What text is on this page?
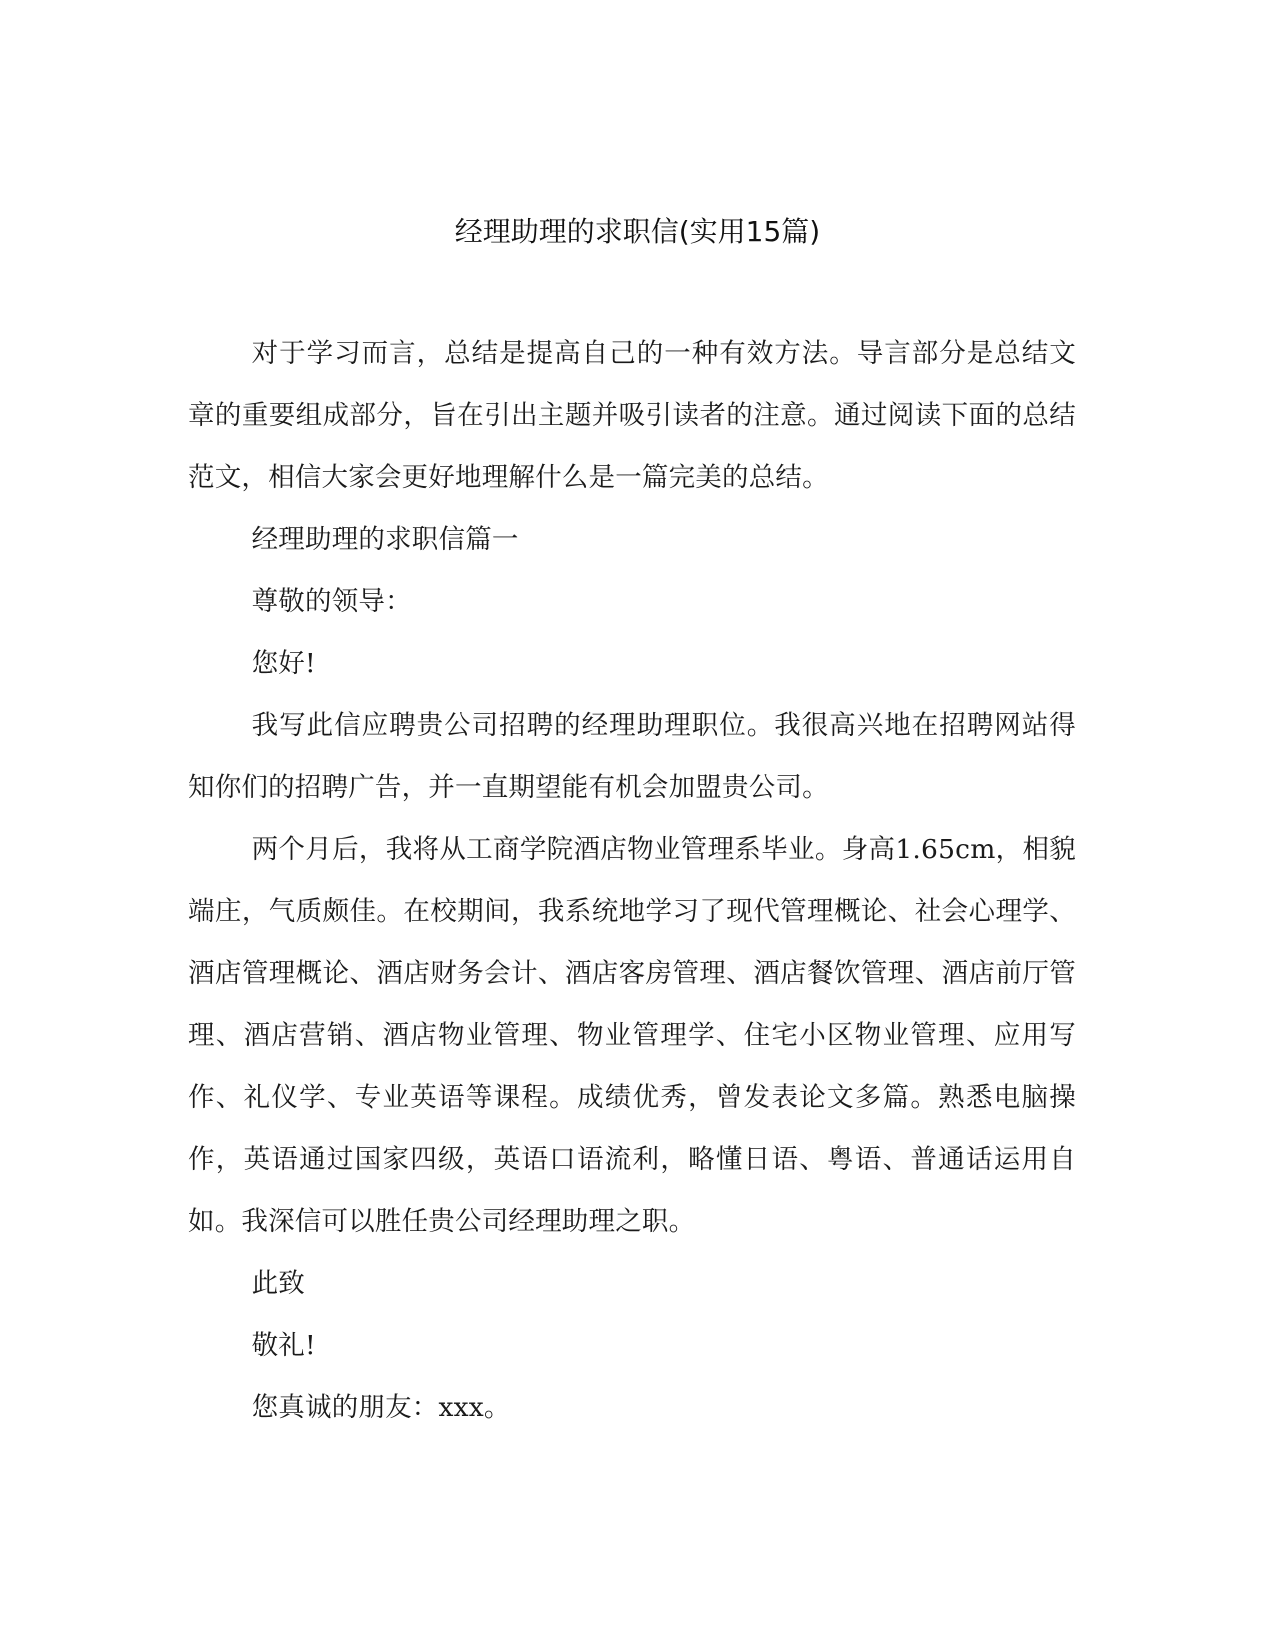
经理助理的求职信(实用15篇)

对于学习而言，总结是提高自己的一种有效方法。导言部分是总结文章的重要组成部分，旨在引出主题并吸引读者的注意。通过阅读下面的总结范文，相信大家会更好地理解什么是一篇完美的总结。

经理助理的求职信篇一

尊敬的领导：

您好!

我写此信应聘贵公司招聘的经理助理职位。我很高兴地在招聘网站得知你们的招聘广告，并一直期望能有机会加盟贵公司。

两个月后，我将从工商学院酒店物业管理系毕业。身高1.65cm，相貌端庄，气质颇佳。在校期间，我系统地学习了现代管理概论、社会心理学、酒店管理概论、酒店财务会计、酒店客房管理、酒店餐饮管理、酒店前厅管理、酒店营销、酒店物业管理、物业管理学、住宅小区物业管理、应用写作、礼仪学、专业英语等课程。成绩优秀，曾发表论文多篇。熟悉电脑操作，英语通过国家四级，英语口语流利，略懂日语、粤语、普通话运用自如。我深信可以胜任贵公司经理助理之职。

此致

敬礼!

您真诚的朋友：xxx。
